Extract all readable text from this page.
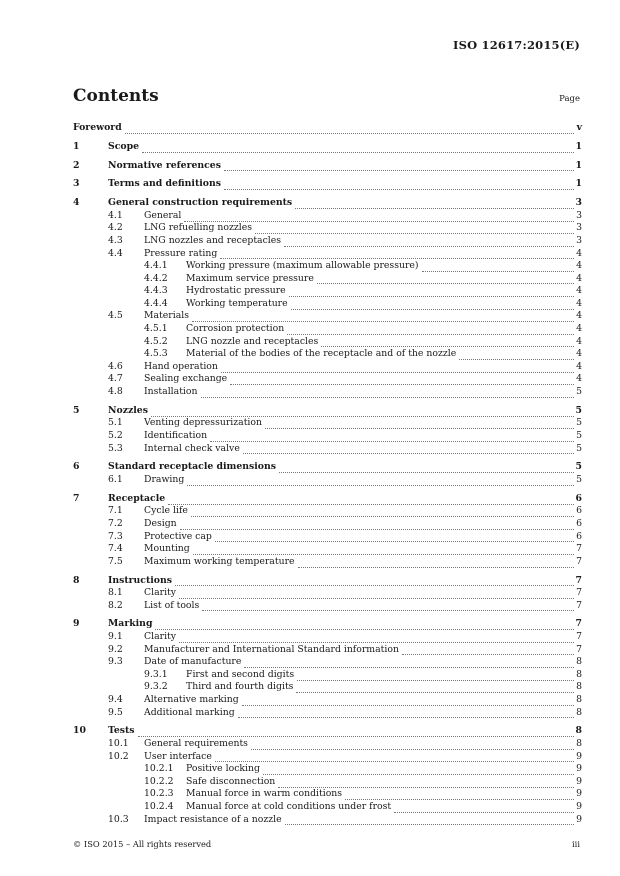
ISO 12617:2015(E)
Contents	Page
Foreword	v
1	Scope	1
2	Normative references	1
3	Terms and definitions	1
4	General construction requirements	3
4.1 General	3
4.2 LNG refuelling nozzles	3
4.3 LNG nozzles and receptacles	3
4.4 Pressure rating	4
4.4.1 Working pressure (maximum allowable pressure)	4
4.4.2 Maximum service pressure	4
4.4.3 Hydrostatic pressure	4
4.4.4 Working temperature	4
4.5 Materials	4
4.5.1 Corrosion protection	4
4.5.2 LNG nozzle and receptacles	4
4.5.3 Material of the bodies of the receptacle and of the nozzle	4
4.6 Hand operation	4
4.7 Sealing exchange	4
4.8 Installation	5
5	Nozzles	5
5.1 Venting depressurization	5
5.2 Identification	5
5.3 Internal check valve	5
6	Standard receptacle dimensions	5
6.1 Drawing	5
7	Receptacle	6
7.1 Cycle life	6
7.2 Design	6
7.3 Protective cap	6
7.4 Mounting	7
7.5 Maximum working temperature	7
8	Instructions	7
8.1 Clarity	7
8.2 List of tools	7
9	Marking	7
9.1 Clarity	7
9.2 Manufacturer and International Standard information	7
9.3 Date of manufacture	8
9.3.1 First and second digits	8
9.3.2 Third and fourth digits	8
9.4 Alternative marking	8
9.5 Additional marking	8
10 Tests	8
10.1 General requirements	8
10.2 User interface	9
10.2.1 Positive locking	9
10.2.2 Safe disconnection	9
10.2.3 Manual force in warm conditions	9
10.2.4 Manual force at cold conditions under frost	9
10.3 Impact resistance of a nozzle	9
© ISO 2015 – All rights reserved	iii
